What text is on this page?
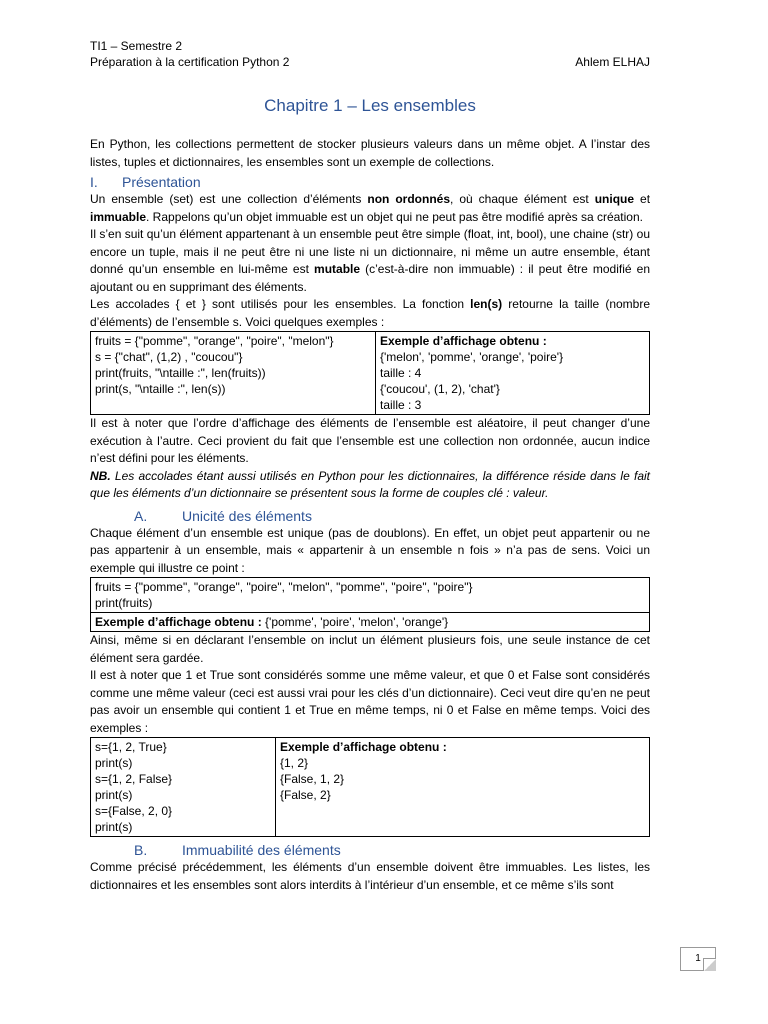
TI1 – Semestre 2
Préparation à la certification Python 2	Ahlem ELHAJ
Chapitre 1 – Les ensembles

En Python, les collections permettent de stocker plusieurs valeurs dans un même objet. A l’instar des listes, tuples et dictionnaires, les ensembles sont un exemple de collections.

I. Présentation

Un ensemble (set) est une collection d’éléments non ordonnés, où chaque élément est unique et immuable. Rappelons qu’un objet immuable est un objet qui ne peut pas être modifié après sa création.

Il s’en suit qu’un élément appartenant à un ensemble peut être simple (float, int, bool), une chaine (str) ou encore un tuple, mais il ne peut être ni une liste ni un dictionnaire, ni même un autre ensemble, étant donné qu’un ensemble en lui-même est mutable (c’est-à-dire non immuable) : il peut être modifié en ajoutant ou en supprimant des éléments.

Les accolades { et } sont utilisés pour les ensembles. La fonction len(s) retourne la taille (nombre d’éléments) de l’ensemble s. Voici quelques exemples :

fruits = {"pomme", "orange", "poire", "melon"}
s = {"chat", (1,2) , "coucou"}
print(fruits, "\ntaille :", len(fruits))
print(s, "\ntaille :", len(s))

Exemple d’affichage obtenu :
{'melon', 'pomme', 'orange', 'poire'}
taille : 4
{'coucou', (1, 2), 'chat'}
taille : 3

Il est à noter que l’ordre d’affichage des éléments de l’ensemble est aléatoire, il peut changer d’une exécution à l’autre. Ceci provient du fait que l’ensemble est une collection non ordonnée, aucun indice n’est défini pour les éléments.

NB. Les accolades étant aussi utilisés en Python pour les dictionnaires, la différence réside dans le fait que les éléments d’un dictionnaire se présentent sous la forme de couples clé : valeur.

A. Unicité des éléments

Chaque élément d’un ensemble est unique (pas de doublons). En effet, un objet peut appartenir ou ne pas appartenir à un ensemble, mais « appartenir à un ensemble n fois » n’a pas de sens. Voici un exemple qui illustre ce point :

fruits = {"pomme", "orange", "poire", "melon", "pomme", "poire", "poire"}
print(fruits)

Exemple d’affichage obtenu : {'pomme', 'poire', 'melon', 'orange'}

Ainsi, même si en déclarant l’ensemble on inclut un élément plusieurs fois, une seule instance de cet élément sera gardée.

Il est à noter que 1 et True sont considérés somme une même valeur, et que 0 et False sont considérés comme une même valeur (ceci est aussi vrai pour les clés d’un dictionnaire). Ceci veut dire qu’en ne peut pas avoir un ensemble qui contient 1 et True en même temps, ni 0 et False en même temps. Voici des exemples :

s={1, 2, True}
print(s)
s={1, 2, False}
print(s)
s={False, 2, 0}
print(s)

Exemple d’affichage obtenu :
{1, 2}
{False, 1, 2}
{False, 2}
B. Immuabilité des éléments

Comme précisé précédemment, les éléments d’un ensemble doivent être immuables. Les listes, les dictionnaires et les ensembles sont alors interdits à l’intérieur d’un ensemble, et ce même s’ils sont

1
